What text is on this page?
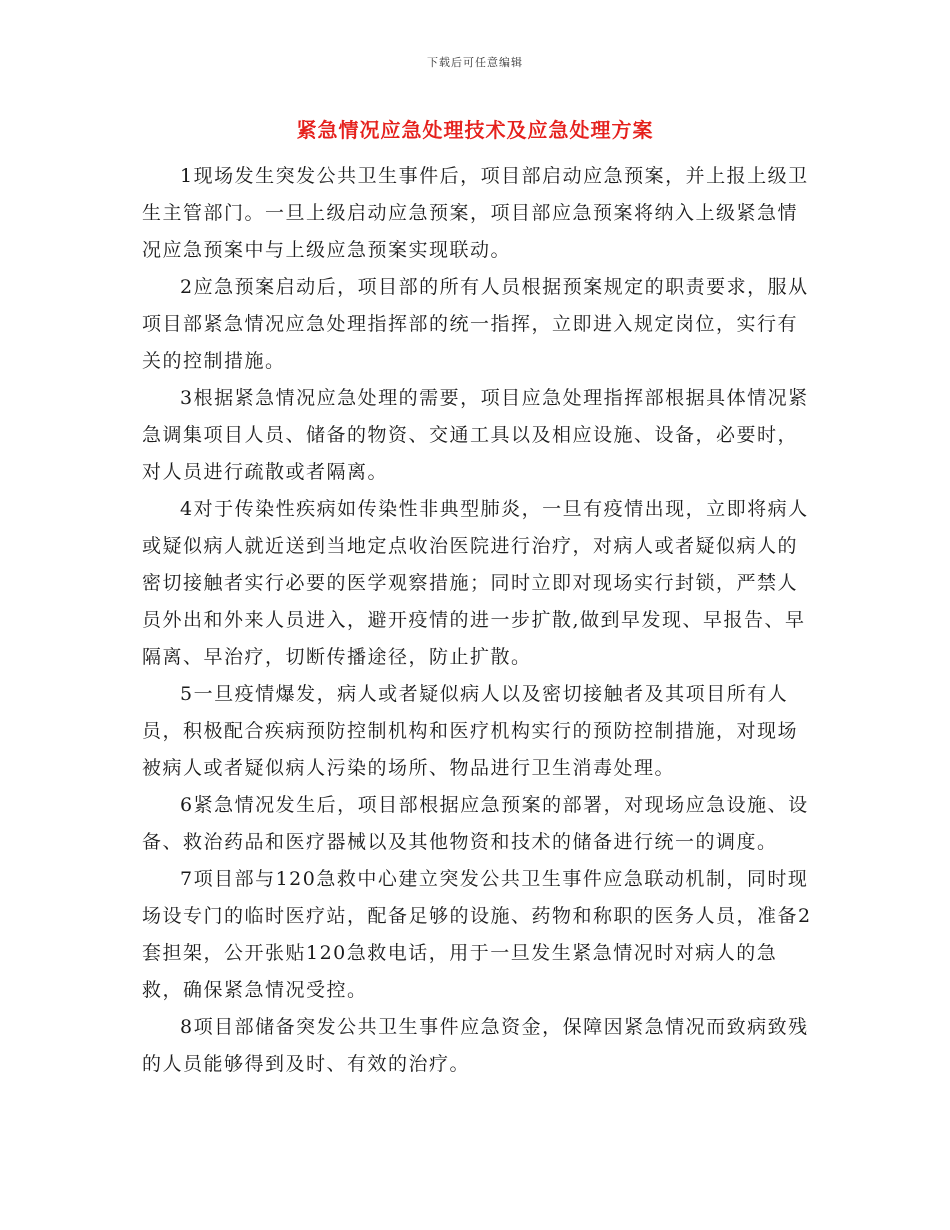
下载后可任意编辑
紧急情况应急处理技术及应急处理方案

1现场发生突发公共卫生事件后，项目部启动应急预案，并上报上级卫生主管部门。一旦上级启动应急预案，项目部应急预案将纳入上级紧急情况应急预案中与上级应急预案实现联动。

2应急预案启动后，项目部的所有人员根据预案规定的职责要求，服从项目部紧急情况应急处理指挥部的统一指挥，立即进入规定岗位，实行有关的控制措施。

3根据紧急情况应急处理的需要，项目应急处理指挥部根据具体情况紧急调集项目人员、储备的物资、交通工具以及相应设施、设备，必要时，对人员进行疏散或者隔离。

4对于传染性疾病如传染性非典型肺炎，一旦有疫情出现，立即将病人或疑似病人就近送到当地定点收治医院进行治疗，对病人或者疑似病人的密切接触者实行必要的医学观察措施；同时立即对现场实行封锁，严禁人员外出和外来人员进入，避开疫情的进一步扩散,做到早发现、早报告、早隔离、早治疗，切断传播途径，防止扩散。

5一旦疫情爆发，病人或者疑似病人以及密切接触者及其项目所有人员，积极配合疾病预防控制机构和医疗机构实行的预防控制措施，对现场被病人或者疑似病人污染的场所、物品进行卫生消毒处理。

6紧急情况发生后，项目部根据应急预案的部署，对现场应急设施、设备、救治药品和医疗器械以及其他物资和技术的储备进行统一的调度。

7项目部与120急救中心建立突发公共卫生事件应急联动机制，同时现场设专门的临时医疗站，配备足够的设施、药物和称职的医务人员，准备2套担架，公开张贴120急救电话，用于一旦发生紧急情况时对病人的急救，确保紧急情况受控。

8项目部储备突发公共卫生事件应急资金，保障因紧急情况而致病致残的人员能够得到及时、有效的治疗。
